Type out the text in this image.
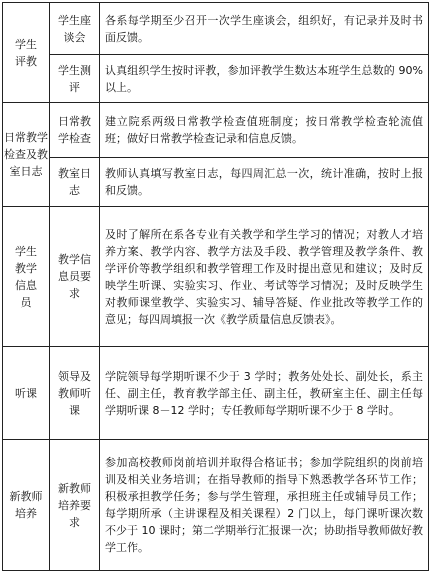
学生评教	学生座谈会	各系每学期至少召开一次学生座谈会，组织好，有记录并及时书面反馈。

	学生测评	认真组织学生按时评教，参加评教学生数达本班学生总数的 90%以上。

日常教学检查及教室日志	日常教学检查	建立院系两级日常教学检查值班制度；按日常教学检查轮流值班；做好日常教学检查记录和信息反馈。

	教室日志	教师认真填写教室日志，每四周汇总一次，统计准确，按时上报和反馈。

学生教学信息员	教学信息员要求	及时了解所在系各专业有关教学和学生学习的情况；对教人才培养方案、教学内容、教学方法及手段、教学管理及教学条件、教学评价等教学组织和教学管理工作及时提出意见和建议；及时反映学生听课、实验实习、作业、考试等学习情况；及时反映学生对教师课堂教学、实验实习、辅导答疑、作业批改等教学工作的意见；每四周填报一次《教学质量信息反馈表》。

听课	领导及教师听课	学院领导每学期听课不少于 3 学时；教务处处长、副处长，系主任、副主任，教育教学部主任、副主任，教研室主任、副主任每学期听课 8－12 学时；专任教师每学期听课不少于 8 学时。

新教师培养	新教师培养要求	参加高校教师岗前培训并取得合格证书；参加学院组织的岗前培训及相关业务培训；在指导教师的指导下熟悉教学各环节工作；积极承担教学任务；参与学生管理，承担班主任或辅导员工作；每学期所承（主讲课程及相关课程）2 门以上，每门课听课次数不少于 10 课时；第二学期举行汇报课一次；协助指导教师做好教学工作。
